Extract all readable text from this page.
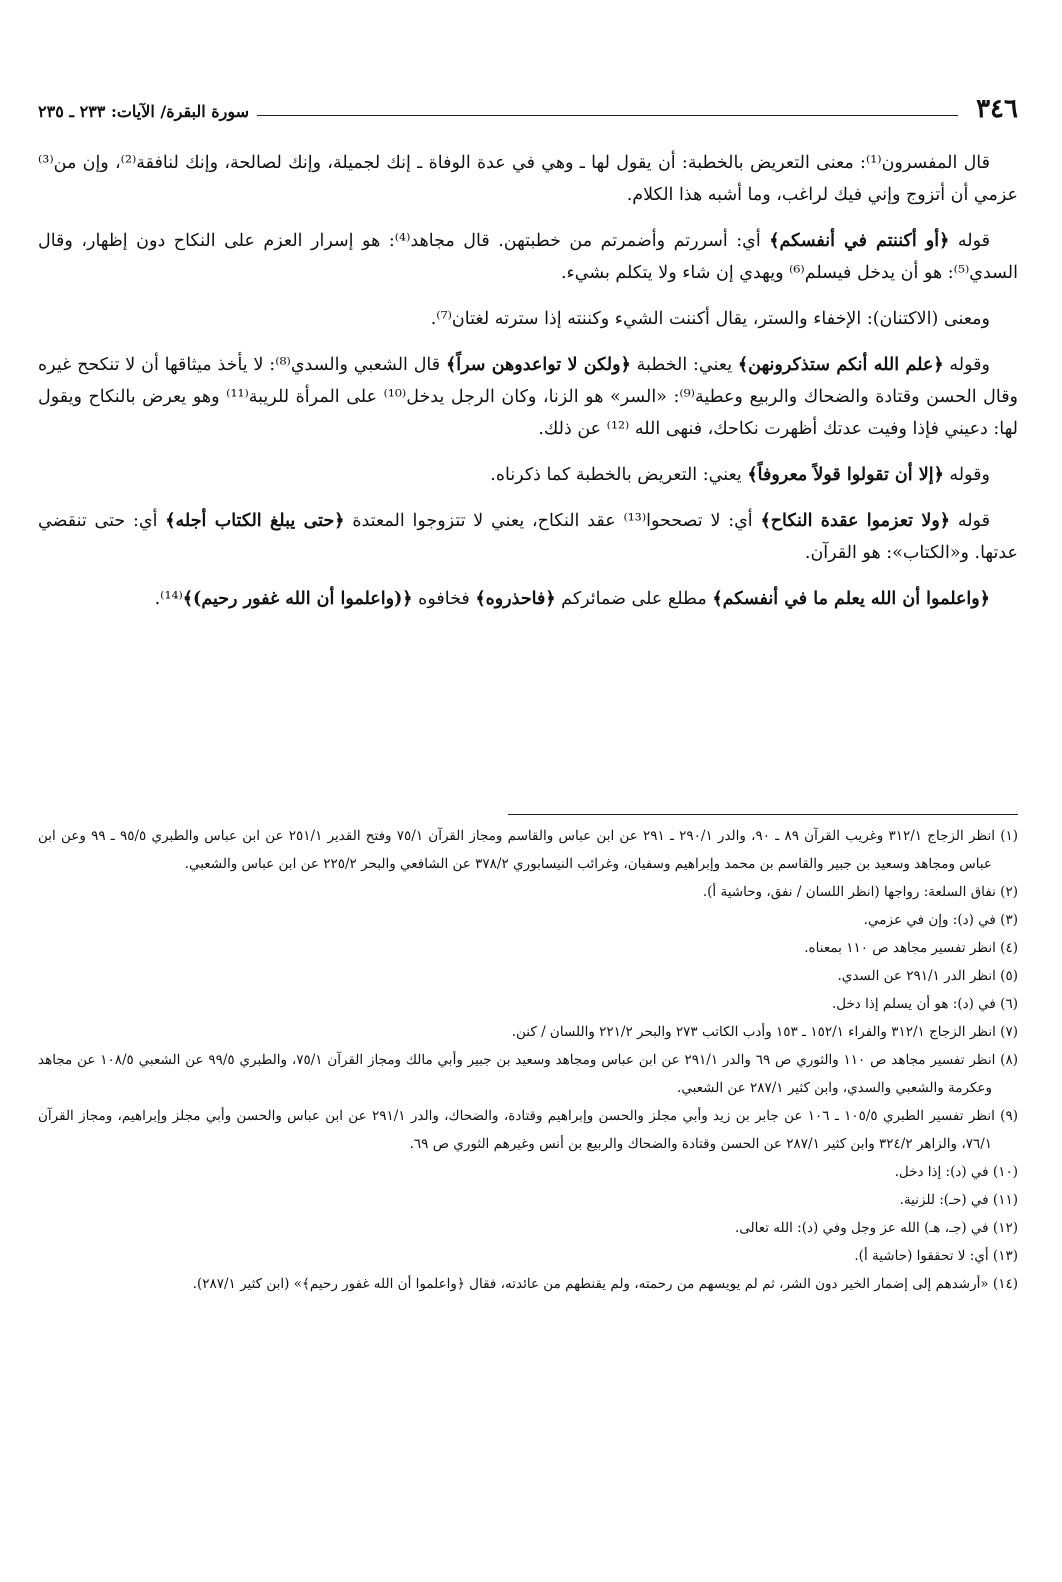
٣٤٦
سورة البقرة/ الآيات: ٢٣٣ ـ ٢٣٥

قال المفسرون⁽¹⁾: معنى التعريض بالخطبة: أن يقول لها ـ وهي في عدة الوفاة ـ إنك لجميلة، وإنك لصالحة، وإنك لنافقة⁽²⁾، وإن من⁽³⁾ عزمي أن أتزوج وإني فيك لراغب، وما أشبه هذا الكلام.

قوله ﴿أو أكننتم في أنفسكم﴾ أي: أسررتم وأضمرتم من خطبتهن. قال مجاهد⁽⁴⁾: هو إسرار العزم على النكاح دون إظهار، وقال السدي⁽⁵⁾: هو أن يدخل فيسلم⁽⁶⁾ ويهدي إن شاء ولا يتكلم بشيء.

ومعنى (الاكتنان): الإخفاء والستر، يقال أكننت الشيء وكننته إذا سترته لغتان⁽⁷⁾.

وقوله ﴿علم الله أنكم ستذكرونهن﴾ يعني: الخطبة ﴿ولكن لا تواعدوهن سراً﴾ قال الشعبي والسدي⁽⁸⁾: لا يأخذ ميثاقها أن لا تنكحح غيره وقال الحسن وقتادة والضحاك والربيع وعطية⁽⁹⁾: «السر» هو الزنا، وكان الرجل يدخل⁽¹⁰⁾ على المرأة للريبة⁽¹¹⁾ وهو يعرض بالنكاح ويقول لها: دعيني فإذا وفيت عدتك أظهرت نكاحك، فنهى الله ⁽¹²⁾ عن ذلك.

وقوله ﴿إلا أن تقولوا قولاً معروفاً﴾ يعني: التعريض بالخطبة كما ذكرناه.

قوله ﴿ولا تعزموا عقدة النكاح﴾ أي: لا تصححوا⁽¹³⁾ عقد النكاح، يعني لا تتزوجوا المعتدة ﴿حتى يبلغ الكتاب أجله﴾ أي: حتى تنقضي عدتها. و«الكتاب»: هو القرآن.

﴿واعلموا أن الله يعلم ما في أنفسكم﴾ مطلع على ضمائركم ﴿فاحذروه﴾ فخافوه ﴿(واعلموا أن الله غفور رحيم)﴾⁽¹⁴⁾.

(١) انظر الزجاج ٣١٢/١ وغريب القرآن ٨٩ ـ ٩٠، والدر ٢٩٠/١ ـ ٢٩١ عن ابن عباس والقاسم ومجاز القرآن ٧٥/١ وفتح القدير ٢٥١/١ عن ابن عباس والطبري ٩٥/٥ ـ ٩٩ وعن ابن عباس ومجاهد وسعيد بن جبير والقاسم بن محمد وإبراهيم وسفيان، وغرائب النيسابوري ٣٧٨/٢ عن الشافعي والبحر ٢٢٥/٢ عن ابن عباس والشعبي.

(٢) نفاق السلعة: رواجها (انظر اللسان / نفق، وحاشية أ).

(٣) في (د): وإن في عزمي.

(٤) انظر تفسير مجاهد ص ١١٠ بمعناه.

(٥) انظر الدر ٢٩١/١ عن السدي.

(٦) في (د): هو أن يسلم إذا دخل.

(٧) انظر الزجاج ٣١٢/١ والفراء ١٥٢/١ ـ ١٥٣ وأدب الكاتب ٢٧٣ والبحر ٢٢١/٢ واللسان / كنن.

(٨) انظر تفسير مجاهد ص ١١٠ والثوري ص ٦٩ والدر ٢٩١/١ عن ابن عباس ومجاهد وسعيد بن جبير وأبي مالك ومجاز القرآن ٧٥/١، والطبري ٩٩/٥ عن الشعبي ١٠٨/٥ عن مجاهد وعكرمة والشعبي والسدي، وابن كثير ٢٨٧/١ عن الشعبي.

(٩) انظر تفسير الطبري ١٠٥/٥ ـ ١٠٦ عن جابر بن زيد وأبي مجلز والحسن وإبراهيم وقتادة، والضحاك، والدر ٢٩١/١ عن ابن عباس والحسن وأبي مجلز وإبراهيم، ومجاز القرآن ٧٦/١، والزاهر ٣٢٤/٢ وابن كثير ٢٨٧/١ عن الحسن وقتادة والضحاك والربيع بن أنس وغيرهم الثوري ص ٦٩.

(١٠) في (د): إذا دخل.

(١١) في (حـ): للزنية.

(١٢) في (جـ، هـ) الله عز وجل وفي (د): الله تعالى.

(١٣) أي: لا تحققوا (حاشية أ).

(١٤) «أرشدهم إلى إضمار الخير دون الشر، ثم لم يويسهم من رحمته، ولم يقنطهم من عائدته، فقال ﴿واعلموا أن الله غفور رحيم﴾» (ابن كثير ٢٨٧/١).
